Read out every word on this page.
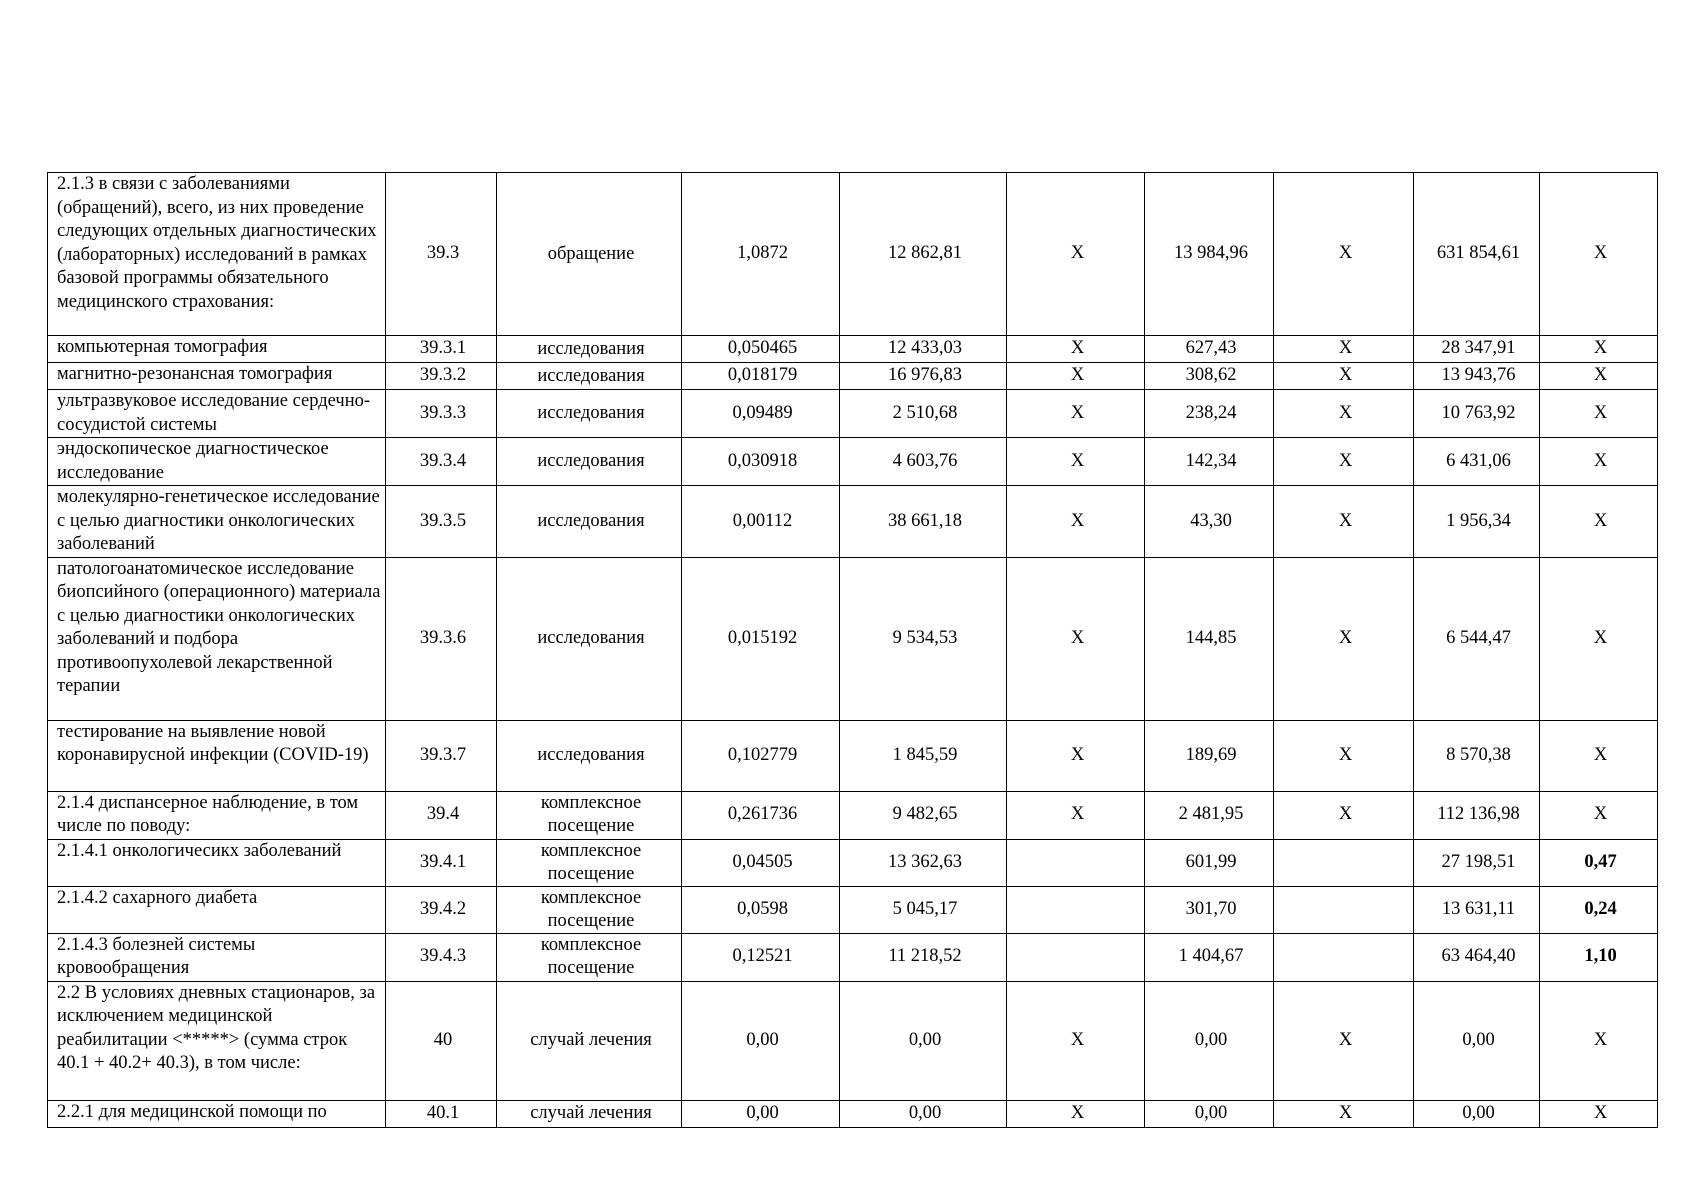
2.1.3 в связи с заболеваниями (обращений), всего, из них проведение следующих отдельных диагностических (лабораторных) исследований в рамках базовой программы обязательного медицинского страхования:	39.3	обращение	1,0872	12 862,81	X	13 984,96	X	631 854,61	X
компьютерная томография	39.3.1	исследования	0,050465	12 433,03	X	627,43	X	28 347,91	X
магнитно-резонансная томография	39.3.2	исследования	0,018179	16 976,83	X	308,62	X	13 943,76	X
ультразвуковое исследование сердечно-сосудистой системы	39.3.3	исследования	0,09489	2 510,68	X	238,24	X	10 763,92	X
эндоскопическое диагностическое исследование	39.3.4	исследования	0,030918	4 603,76	X	142,34	X	6 431,06	X
молекулярно-генетическое исследование с целью диагностики онкологических заболеваний	39.3.5	исследования	0,00112	38 661,18	X	43,30	X	1 956,34	X
патологоанатомическое исследование биопсийного (операционного) материала с целью диагностики онкологических заболеваний и подбора противоопухолевой лекарственной терапии	39.3.6	исследования	0,015192	9 534,53	X	144,85	X	6 544,47	X
тестирование на выявление новой коронавирусной инфекции (COVID-19)	39.3.7	исследования	0,102779	1 845,59	X	189,69	X	8 570,38	X
2.1.4 диспансерное наблюдение, в том числе по поводу:	39.4	комплексное посещение	0,261736	9 482,65	X	2 481,95	X	112 136,98	X
2.1.4.1 онкологичесикх заболеваний	39.4.1	комплексное посещение	0,04505	13 362,63		601,99		27 198,51	0,47
2.1.4.2 сахарного диабета	39.4.2	комплексное посещение	0,0598	5 045,17		301,70		13 631,11	0,24
2.1.4.3 болезней системы кровообращения	39.4.3	комплексное посещение	0,12521	11 218,52		1 404,67		63 464,40	1,10
2.2 В условиях дневных стационаров, за исключением медицинской реабилитации <*****> (сумма строк 40.1 + 40.2+ 40.3), в том числе:	40	случай лечения	0,00	0,00	X	0,00	X	0,00	X
2.2.1 для медицинской помощи по	40.1	случай лечения	0,00	0,00	X	0,00	X	0,00	X
